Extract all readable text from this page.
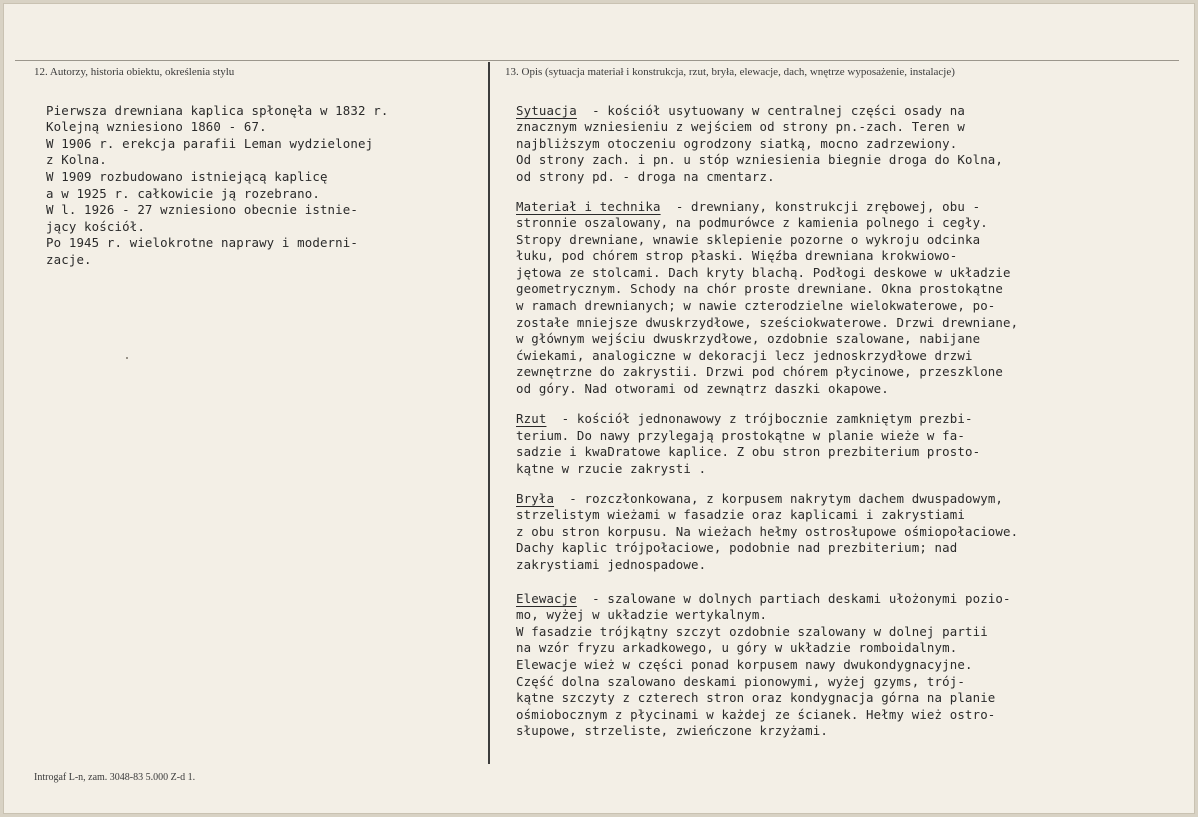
12. Autorzy, historia obiektu, określenia stylu	13. Opis (sytuacja materiał i konstrukcja, rzut, bryła, elewacje, dach, wnętrze wyposażenie, instalacje)
Pierwsza drewniana kaplica spłonęła w 1832 r.
Kolejną wzniesiono 1860 - 67.
W 1906 r. erekcja parafii Leman wydzielonej
z Kolna.
W 1909 rozbudowano istniejącą kaplicę
a w 1925 r. całkowicie ją rozebrano.
W l. 1926 - 27 wzniesiono obecnie istnie-
jący kościół.
Po 1945 r. wielokrotne naprawy i moderni-
zacje.
Sytuacja  - kościół usytuowany w centralnej części osady na
znacznym wzniesieniu z wejściem od strony pn.-zach. Teren w
najbliższym otoczeniu ogrodzony siatką, mocno zadrzewiony.
Od strony zach. i pn. u stóp wzniesienia biegnie droga do Kolna,
od strony pd. - droga na cmentarz.
Materiał i technika  - drewniany, konstrukcji zrębowej, obu -
stronnie oszalowany, na podmurówce z kamienia polnego i cegły.
Stropy drewniane, wnawie sklepienie pozorne o wykroju odcinka
łuku, pod chórem strop płaski. Więźba drewniana krokwiowo-
jętowa ze stolcami. Dach kryty blachą. Podłogi deskowe w układzie
geometrycznym. Schody na chór proste drewniane. Okna prostokątne
w ramach drewnianych; w nawie czterodzielne wielokwaterowe, po-
zostałe mniejsze dwuskrzydłowe, sześciokwaterowe. Drzwi drewniane,
w głównym wejściu dwuskrzydłowe, ozdobnie szalowane, nabijane
ćwiekami, analogiczne w dekoracji lecz jednoskrzydłowe drzwi
zewnętrzne do zakrystii. Drzwi pod chórem płycinowe, przeszklone
od góry. Nad otworami od zewnątrz daszki okapowe.
Rzut  - kościół jednonawowy z trójbocznie zamkniętym prezbi-
terium. Do nawy przylegają prostokątne w planie wieże w fa-
sadzie i kwaDratowe kaplice. Z obu stron prezbiterium prosto-
kątne w rzucie zakrysti .
Bryła  - rozczłonkowana, z korpusem nakrytym dachem dwuspadowym,
strzelistym wieżami w fasadzie oraz kaplicami i zakrystiami
z obu stron korpusu. Na wieżach hełmy ostrosłupowe ośmiopołaciowe.
Dachy kaplic trójpołaciowe, podobnie nad prezbiterium; nad
zakrystiami jednospadowe.
Elewacje  - szalowane w dolnych partiach deskami ułożonymi pozio-
mo, wyżej w układzie wertykalnym.
W fasadzie trójkątny szczyt ozdobnie szalowany w dolnej partii
na wzór fryzu arkadkowego, u góry w układzie romboidalnym.
Elewacje wież w części ponad korpusem nawy dwukondygnacyjne.
Część dolna szalowano deskami pionowymi, wyżej gzyms, trój-
kątne szczyty z czterech stron oraz kondygnacja górna na planie
ośmiobocznym z płycinami w każdej ze ścianek. Hełmy wież ostro-
słupowe, strzeliste, zwieńczone krzyżami.
Introgaf L-n, zam. 3048-83 5.000 Z-d 1.
